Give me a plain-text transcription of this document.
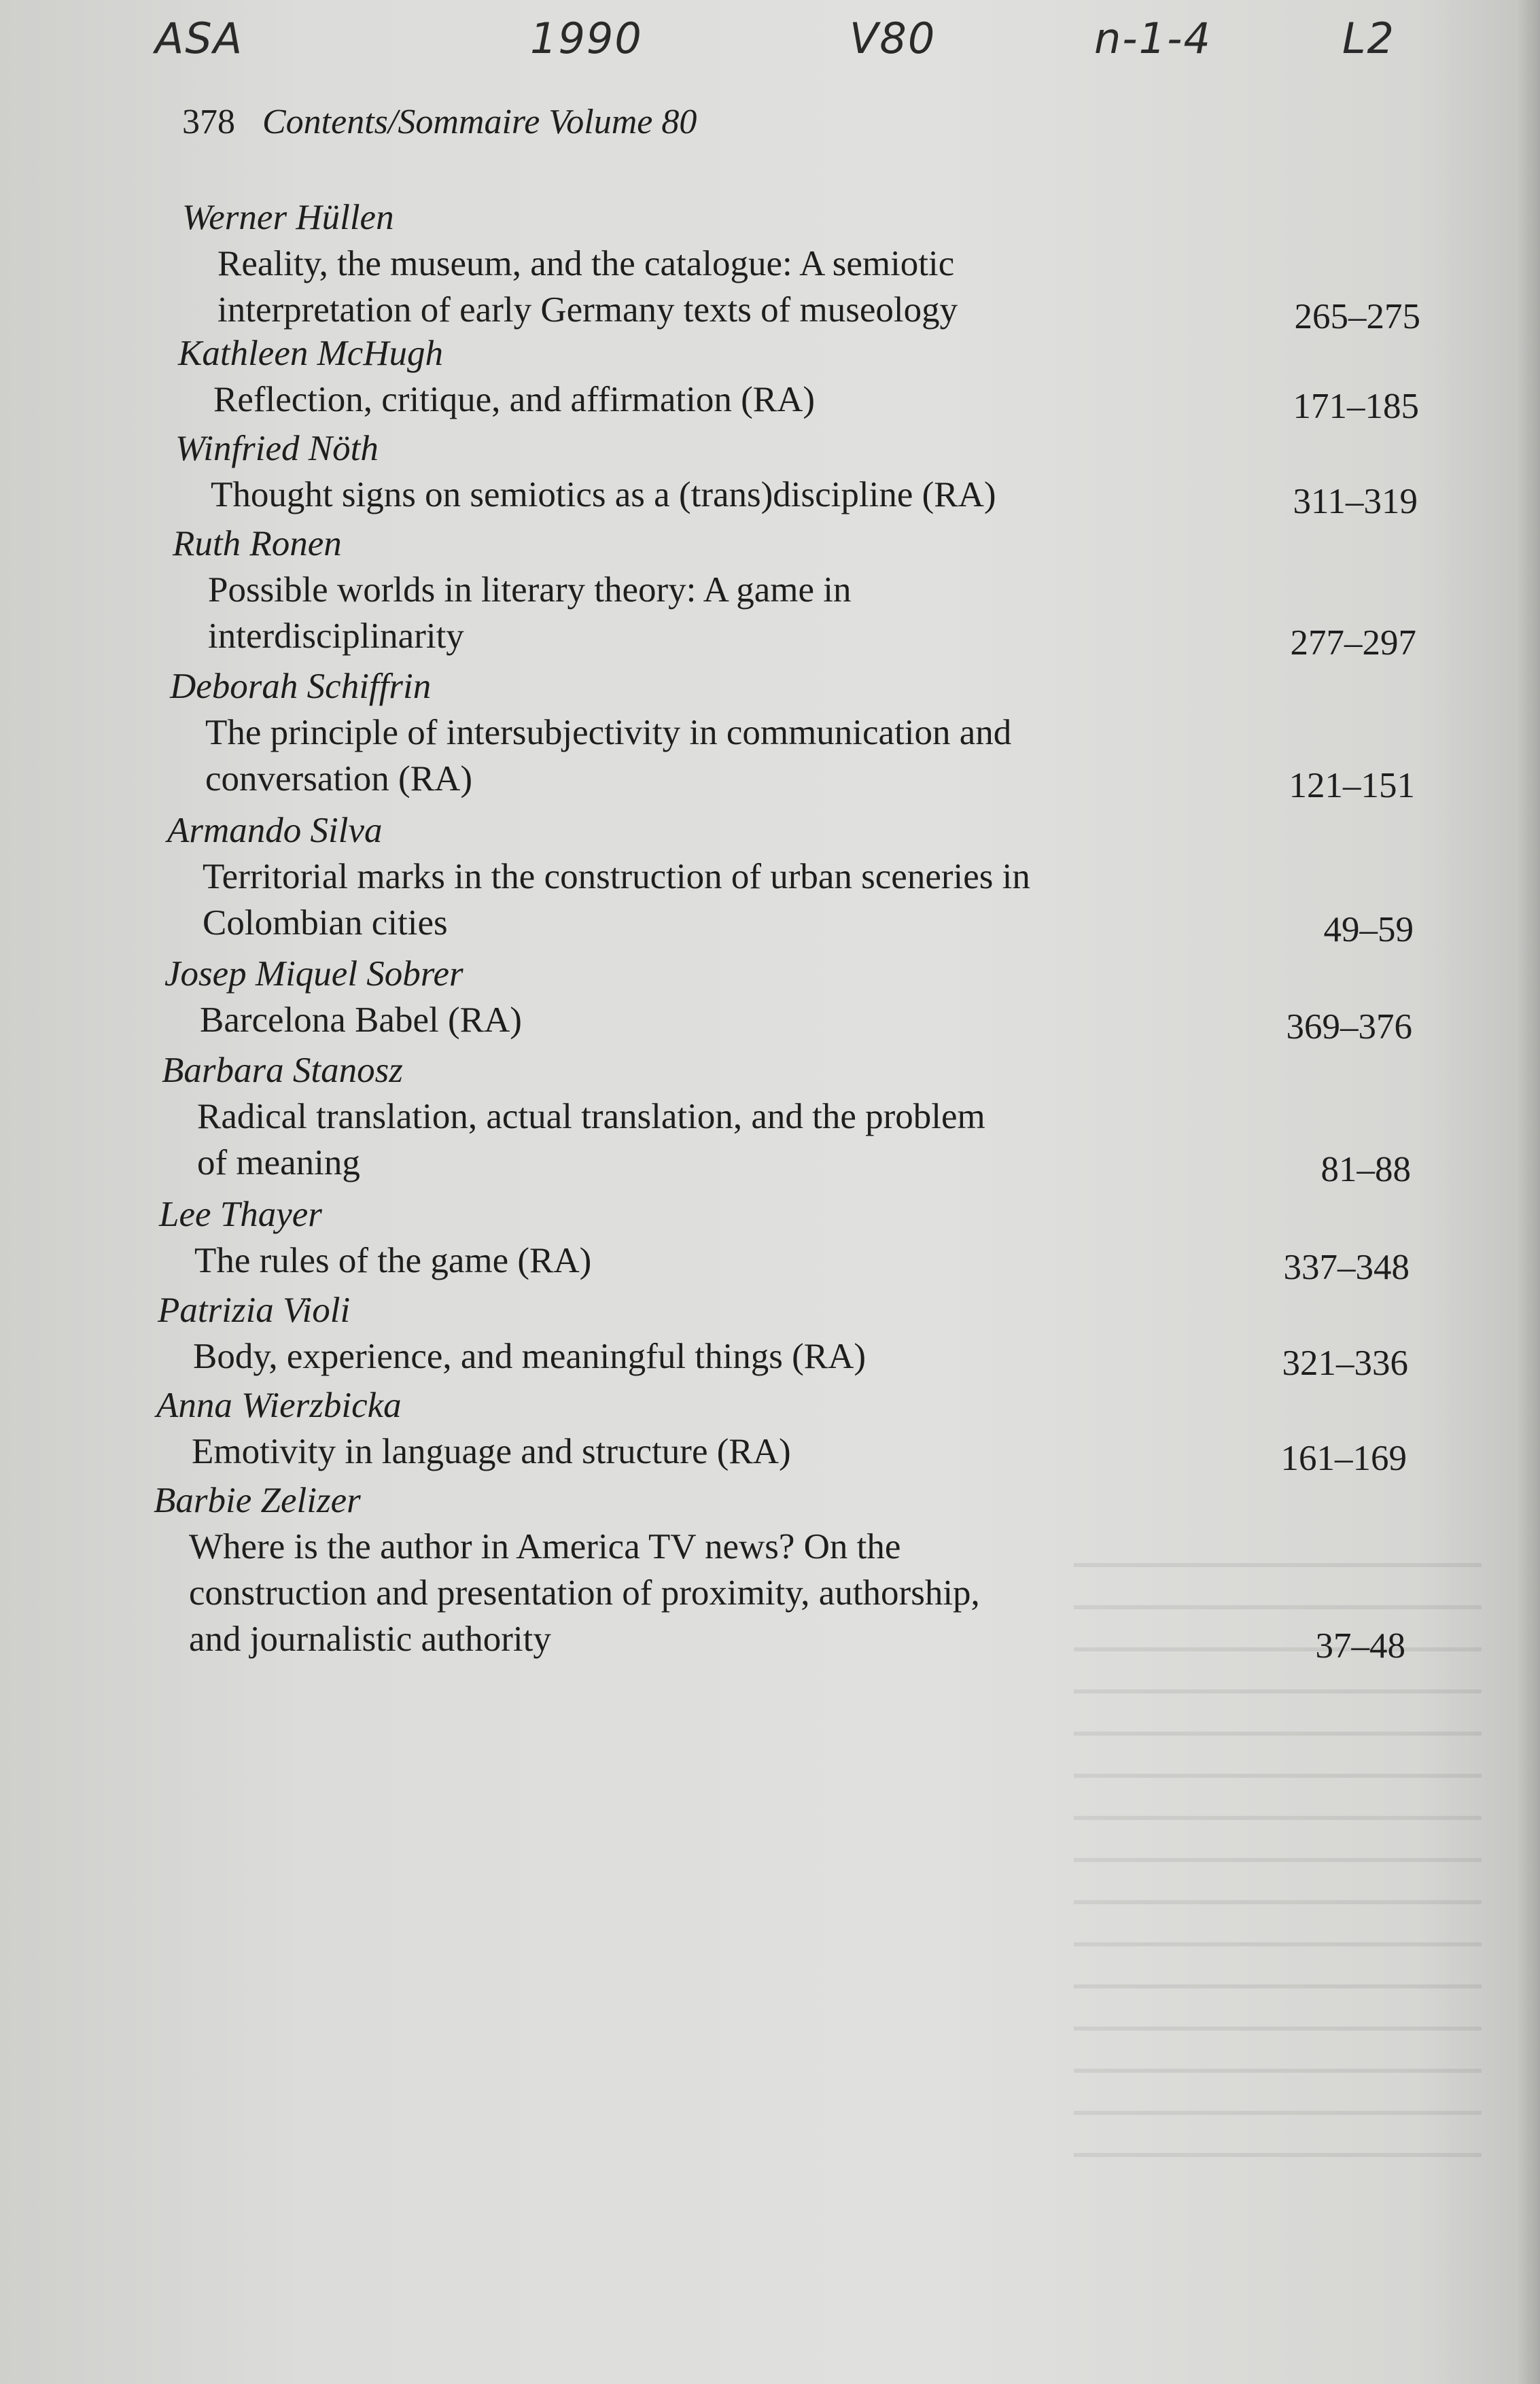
ASA	1990	V80	n-1-4	L2
378 Contents/Sommaire Volume 80
Werner Hüllen
Reality, the museum, and the catalogue: A semiotic
interpretation of early Germany texts of museology	265–275
Kathleen McHugh
Reflection, critique, and affirmation (RA)	171–185
Winfried Nöth
Thought signs on semiotics as a (trans)discipline (RA)	311–319
Ruth Ronen
Possible worlds in literary theory: A game in
interdisciplinarity	277–297
Deborah Schiffrin
The principle of intersubjectivity in communication and
conversation (RA)	121–151
Armando Silva
Territorial marks in the construction of urban sceneries in
Colombian cities	49–59
Josep Miquel Sobrer
Barcelona Babel (RA)	369–376
Barbara Stanosz
Radical translation, actual translation, and the problem
of meaning	81–88
Lee Thayer
The rules of the game (RA)	337–348
Patrizia Violi
Body, experience, and meaningful things (RA)	321–336
Anna Wierzbicka
Emotivity in language and structure (RA)	161–169
Barbie Zelizer
Where is the author in America TV news? On the
construction and presentation of proximity, authorship,
and journalistic authority	37–48
